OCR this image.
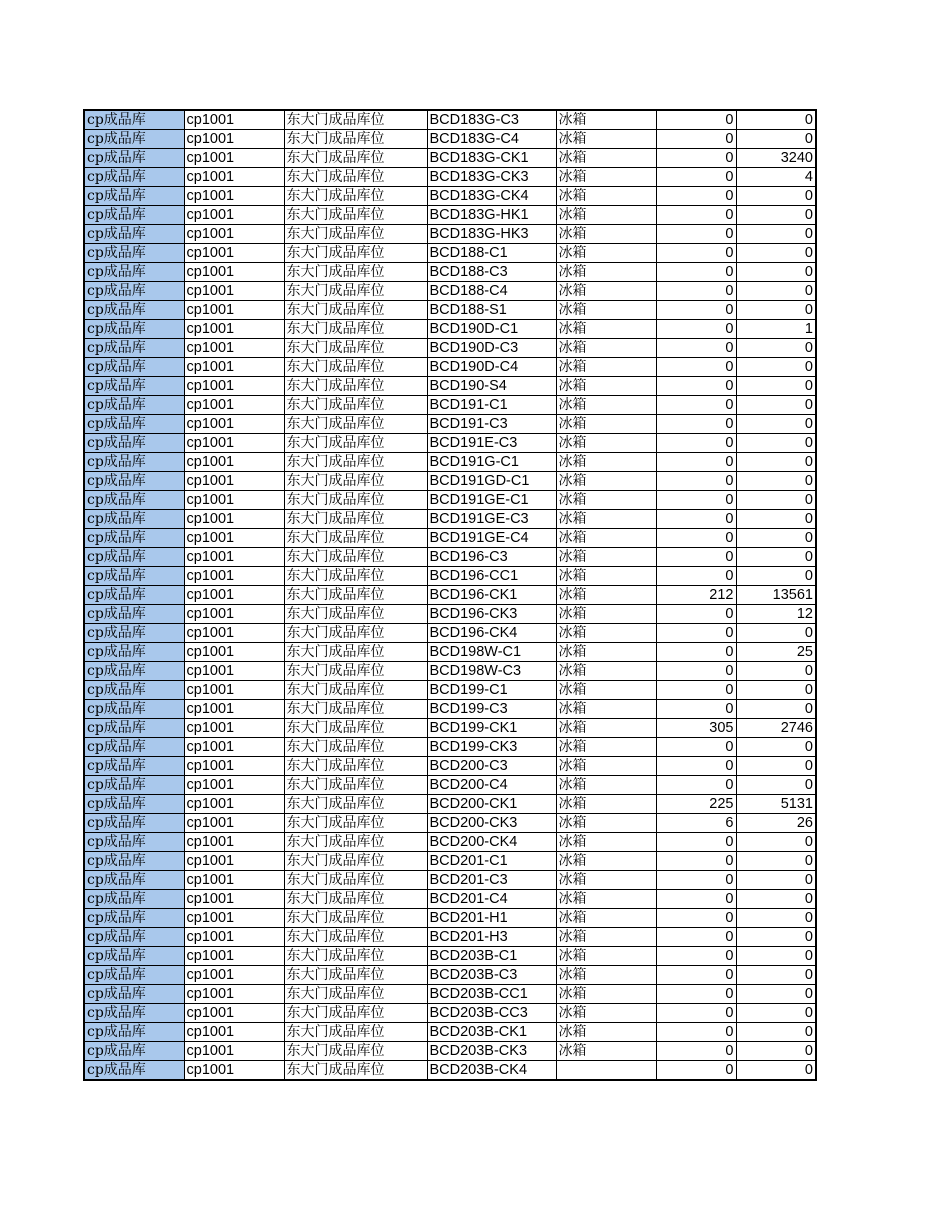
cp成品库	cp1001	东大门成品库位	BCD183G-C3	冰箱	0	0
cp成品库	cp1001	东大门成品库位	BCD183G-C4	冰箱	0	0
cp成品库	cp1001	东大门成品库位	BCD183G-CK1	冰箱	0	3240
cp成品库	cp1001	东大门成品库位	BCD183G-CK3	冰箱	0	4
cp成品库	cp1001	东大门成品库位	BCD183G-CK4	冰箱	0	0
cp成品库	cp1001	东大门成品库位	BCD183G-HK1	冰箱	0	0
cp成品库	cp1001	东大门成品库位	BCD183G-HK3	冰箱	0	0
cp成品库	cp1001	东大门成品库位	BCD188-C1	冰箱	0	0
cp成品库	cp1001	东大门成品库位	BCD188-C3	冰箱	0	0
cp成品库	cp1001	东大门成品库位	BCD188-C4	冰箱	0	0
cp成品库	cp1001	东大门成品库位	BCD188-S1	冰箱	0	0
cp成品库	cp1001	东大门成品库位	BCD190D-C1	冰箱	0	1
cp成品库	cp1001	东大门成品库位	BCD190D-C3	冰箱	0	0
cp成品库	cp1001	东大门成品库位	BCD190D-C4	冰箱	0	0
cp成品库	cp1001	东大门成品库位	BCD190-S4	冰箱	0	0
cp成品库	cp1001	东大门成品库位	BCD191-C1	冰箱	0	0
cp成品库	cp1001	东大门成品库位	BCD191-C3	冰箱	0	0
cp成品库	cp1001	东大门成品库位	BCD191E-C3	冰箱	0	0
cp成品库	cp1001	东大门成品库位	BCD191G-C1	冰箱	0	0
cp成品库	cp1001	东大门成品库位	BCD191GD-C1	冰箱	0	0
cp成品库	cp1001	东大门成品库位	BCD191GE-C1	冰箱	0	0
cp成品库	cp1001	东大门成品库位	BCD191GE-C3	冰箱	0	0
cp成品库	cp1001	东大门成品库位	BCD191GE-C4	冰箱	0	0
cp成品库	cp1001	东大门成品库位	BCD196-C3	冰箱	0	0
cp成品库	cp1001	东大门成品库位	BCD196-CC1	冰箱	0	0
cp成品库	cp1001	东大门成品库位	BCD196-CK1	冰箱	212	13561
cp成品库	cp1001	东大门成品库位	BCD196-CK3	冰箱	0	12
cp成品库	cp1001	东大门成品库位	BCD196-CK4	冰箱	0	0
cp成品库	cp1001	东大门成品库位	BCD198W-C1	冰箱	0	25
cp成品库	cp1001	东大门成品库位	BCD198W-C3	冰箱	0	0
cp成品库	cp1001	东大门成品库位	BCD199-C1	冰箱	0	0
cp成品库	cp1001	东大门成品库位	BCD199-C3	冰箱	0	0
cp成品库	cp1001	东大门成品库位	BCD199-CK1	冰箱	305	2746
cp成品库	cp1001	东大门成品库位	BCD199-CK3	冰箱	0	0
cp成品库	cp1001	东大门成品库位	BCD200-C3	冰箱	0	0
cp成品库	cp1001	东大门成品库位	BCD200-C4	冰箱	0	0
cp成品库	cp1001	东大门成品库位	BCD200-CK1	冰箱	225	5131
cp成品库	cp1001	东大门成品库位	BCD200-CK3	冰箱	6	26
cp成品库	cp1001	东大门成品库位	BCD200-CK4	冰箱	0	0
cp成品库	cp1001	东大门成品库位	BCD201-C1	冰箱	0	0
cp成品库	cp1001	东大门成品库位	BCD201-C3	冰箱	0	0
cp成品库	cp1001	东大门成品库位	BCD201-C4	冰箱	0	0
cp成品库	cp1001	东大门成品库位	BCD201-H1	冰箱	0	0
cp成品库	cp1001	东大门成品库位	BCD201-H3	冰箱	0	0
cp成品库	cp1001	东大门成品库位	BCD203B-C1	冰箱	0	0
cp成品库	cp1001	东大门成品库位	BCD203B-C3	冰箱	0	0
cp成品库	cp1001	东大门成品库位	BCD203B-CC1	冰箱	0	0
cp成品库	cp1001	东大门成品库位	BCD203B-CC3	冰箱	0	0
cp成品库	cp1001	东大门成品库位	BCD203B-CK1	冰箱	0	0
cp成品库	cp1001	东大门成品库位	BCD203B-CK3	冰箱	0	0
cp成品库	cp1001	东大门成品库位	BCD203B-CK4		0	0
